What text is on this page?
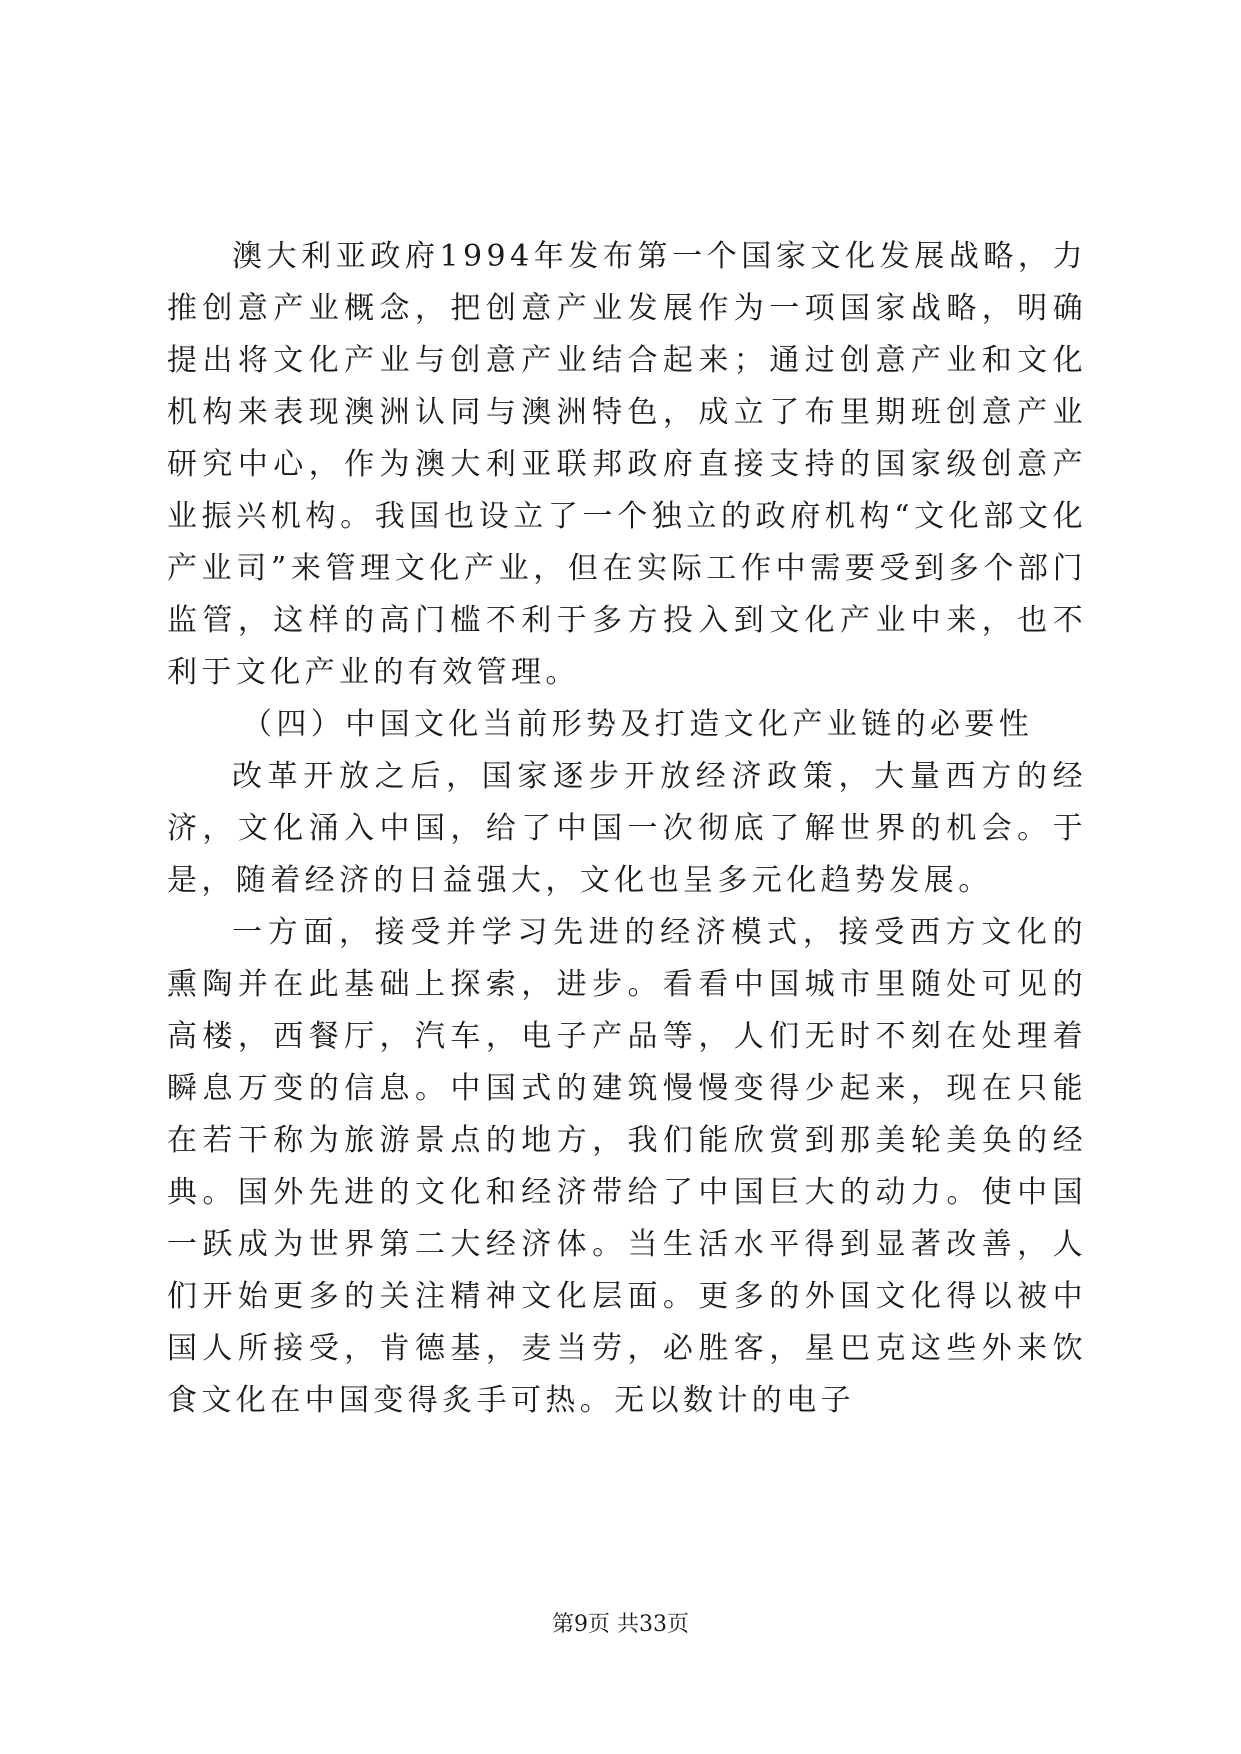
澳大利亚政府1994年发布第一个国家文化发展战略，力推创意产业概念，把创意产业发展作为一项国家战略，明确提出将文化产业与创意产业结合起来；通过创意产业和文化机构来表现澳洲认同与澳洲特色，成立了布里期班创意产业研究中心，作为澳大利亚联邦政府直接支持的国家级创意产业振兴机构。我国也设立了一个独立的政府机构“文化部文化产业司”来管理文化产业，但在实际工作中需要受到多个部门监管，这样的高门槛不利于多方投入到文化产业中来，也不利于文化产业的有效管理。

（四）中国文化当前形势及打造文化产业链的必要性

改革开放之后，国家逐步开放经济政策，大量西方的经济，文化涌入中国，给了中国一次彻底了解世界的机会。于是，随着经济的日益强大，文化也呈多元化趋势发展。

一方面，接受并学习先进的经济模式，接受西方文化的熏陶并在此基础上探索，进步。看看中国城市里随处可见的高楼，西餐厅，汽车，电子产品等，人们无时不刻在处理着瞬息万变的信息。中国式的建筑慢慢变得少起来，现在只能在若干称为旅游景点的地方，我们能欣赏到那美轮美奂的经典。国外先进的文化和经济带给了中国巨大的动力。使中国一跃成为世界第二大经济体。当生活水平得到显著改善，人们开始更多的关注精神文化层面。更多的外国文化得以被中国人所接受，肯德基，麦当劳，必胜客，星巴克这些外来饮食文化在中国变得炙手可热。无以数计的电子

第9页 共33页
